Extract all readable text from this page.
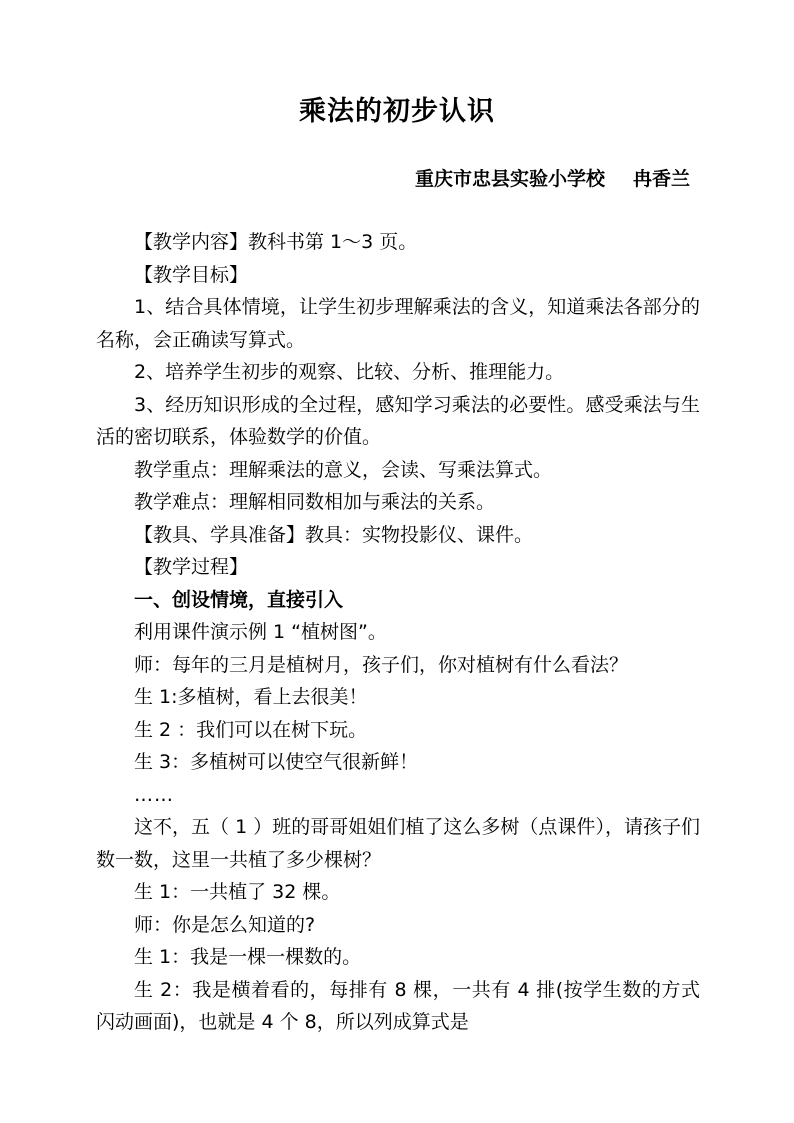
乘法的初步认识
重庆市忠县实验小学校 冉香兰

【教学内容】教科书第 1～3 页。

【教学目标】

1、结合具体情境，让学生初步理解乘法的含义，知道乘法各部分的名称，会正确读写算式。

2、培养学生初步的观察、比较、分析、推理能力。

3、经历知识形成的全过程，感知学习乘法的必要性。感受乘法与生活的密切联系，体验数学的价值。

教学重点：理解乘法的意义，会读、写乘法算式。

教学难点：理解相同数相加与乘法的关系。

【教具、学具准备】教具：实物投影仪、课件。

【教学过程】

一、创设情境，直接引入

利用课件演示例 1 “植树图”。

师：每年的三月是植树月，孩子们，你对植树有什么看法？

生 1:多植树，看上去很美！

生 2 ：我们可以在树下玩。

生 3：多植树可以使空气很新鲜！

……

这不，五（ 1 ）班的哥哥姐姐们植了这么多树（点课件），请孩子们数一数，这里一共植了多少棵树？

生 1：一共植了 32 棵。

师：你是怎么知道的?

生 1：我是一棵一棵数的。

生 2：我是横着看的，每排有 8 棵，一共有 4 排(按学生数的方式闪动画面)，也就是 4 个 8，所以列成算式是
